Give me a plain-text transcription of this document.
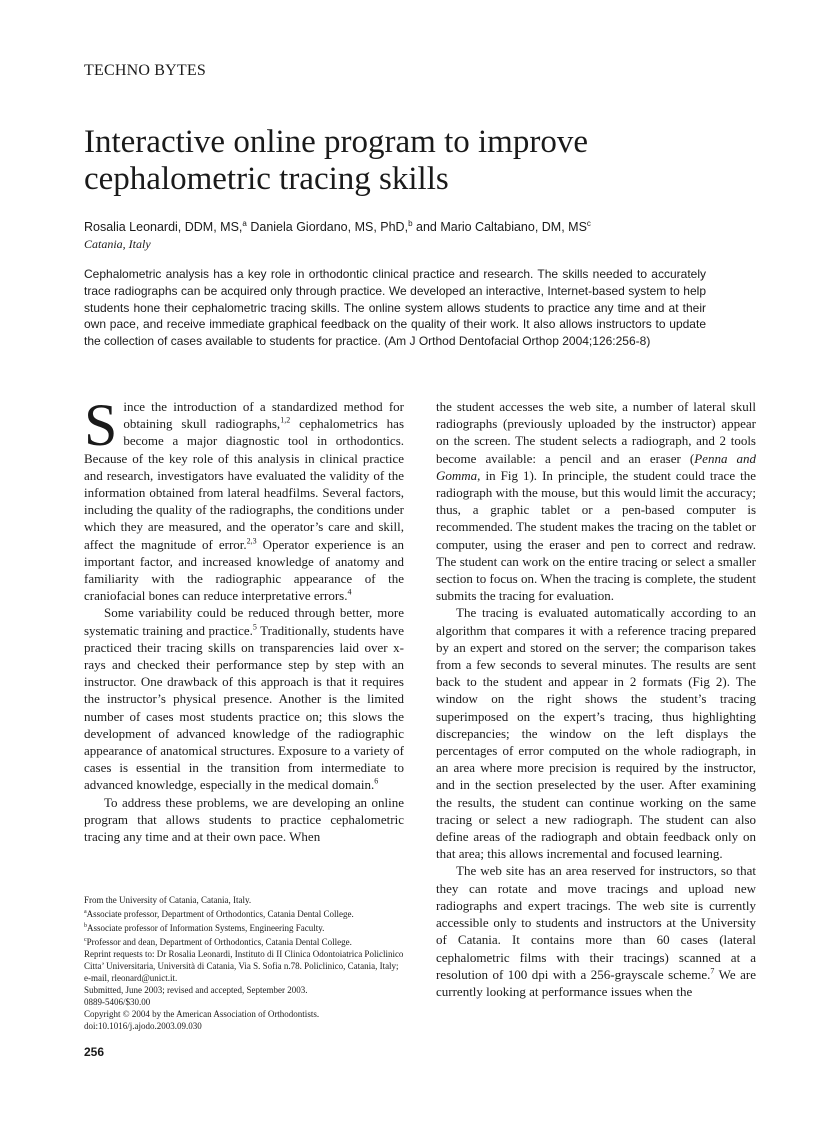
TECHNO BYTES
Interactive online program to improve
cephalometric tracing skills
Rosalia Leonardi, DDM, MS,$^a$ Daniela Giordano, MS, PhD,$^b$ and Mario Caltabiano, DM, $MS^c$
Catania, Italy

Cephalometric analysis has a key role in orthodontic clinical practice and research. The skills needed to accurately trace radiographs can be acquired only through practice. We developed an interactive, Internet-based system to help students hone their cephalometric tracing skills. The online system allows students to practice any time and at their own pace, and receive immediate graphical feedback on the quality of their work. It also allows instructors to update the collection of cases available to students for practice. (Am J Orthod Dentofacial Orthop 2004;126:256-8)

Since the introduction of a standardized method for obtaining skull radiographs,$^{1,2}$ cephalometrics has become a major diagnostic tool in orthodontics. Because of the key role of this analysis in clinical practice and research, investigators have evaluated the validity of the information obtained from lateral headfilms. Several factors, including the quality of the radiographs, the conditions under which they are measured, and the operator’s care and skill, affect the magnitude of error.$^{2,3}$ Operator experience is an important factor, and increased knowledge of anatomy and familiarity with the radiographic appearance of the craniofacial bones can reduce interpretative errors.$^4$

Some variability could be reduced through better, more systematic training and practice.$^5$ Traditionally, students have practiced their tracing skills on transparencies laid over x-rays and checked their performance step by step with an instructor. One drawback of this approach is that it requires the instructor’s physical presence. Another is the limited number of cases most students practice on; this slows the development of advanced knowledge of the radiographic appearance of anatomical structures. Exposure to a variety of cases is essential in the transition from intermediate to advanced knowledge, especially in the medical domain.$^6$

To address these problems, we are developing an online program that allows students to practice cephalometric tracing any time and at their own pace. When

the student accesses the web site, a number of lateral skull radiographs (previously uploaded by the instructor) appear on the screen. The student selects a radiograph, and 2 tools become available: a pencil and an eraser (Penna and Gomma, in Fig 1). In principle, the student could trace the radiograph with the mouse, but this would limit the accuracy; thus, a graphic tablet or a pen-based computer is recommended. The student makes the tracing on the tablet or computer, using the eraser and pen to correct and redraw. The student can work on the entire tracing or select a smaller section to focus on. When the tracing is complete, the student submits the tracing for evaluation.

The tracing is evaluated automatically according to an algorithm that compares it with a reference tracing prepared by an expert and stored on the server; the comparison takes from a few seconds to several minutes. The results are sent back to the student and appear in 2 formats (Fig 2). The window on the right shows the student’s tracing superimposed on the expert’s tracing, thus highlighting discrepancies; the window on the left displays the percentages of error computed on the whole radiograph, in an area where more precision is required by the instructor, and in the section preselected by the user. After examining the results, the student can continue working on the same tracing or select a new radiograph. The student can also define areas of the radiograph and obtain feedback only on that area; this allows incremental and focused learning.

The web site has an area reserved for instructors, so that they can rotate and move tracings and upload new radiographs and expert tracings. The web site is currently accessible only to students and instructors at the University of Catania. It contains more than 60 cases (lateral cephalometric films with their tracings) scanned at a resolution of 100 dpi with a 256-grayscale scheme.$^7$ We are currently looking at performance issues when the

From the University of Catania, Catania, Italy.
$^a$Associate professor, Department of Orthodontics, Catania Dental College.
$^b$Associate professor of Information Systems, Engineering Faculty.
$^c$Professor and dean, Department of Orthodontics, Catania Dental College.
Reprint requests to: Dr Rosalia Leonardi, Instituto di II Clinica Odontoiatrica Policlinico Citta’ Universitaria, Università di Catania, Via S. Sofia n.78. Policlinico, Catania, Italy; e-mail, rleonard@unict.it.
Submitted, June 2003; revised and accepted, September 2003.
0889-5406/$30.00
Copyright © 2004 by the American Association of Orthodontists.
doi:10.1016/j.ajodo.2003.09.030
256
